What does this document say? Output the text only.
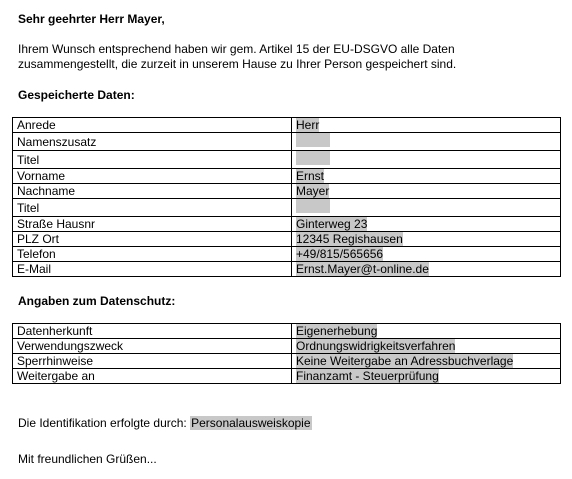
Sehr geehrter Herr Mayer,
Ihrem Wunsch entsprechend haben wir gem. Artikel 15 der EU-DSGVO alle Daten
zusammengestellt, die zurzeit in unserem Hause zu Ihrer Person gespeichert sind.
Gespeicherte Daten:
Anrede	Herr
Namenszusatz	
Titel	
Vorname	Ernst
Nachname	Mayer
Titel	
Straße Hausnr	Ginterweg 23
PLZ Ort	12345 Regishausen
Telefon	+49/815/565656
E-Mail	Ernst.Mayer@t-online.de
Angaben zum Datenschutz:
Datenherkunft	Eigenerhebung
Verwendungszweck	Ordnungswidrigkeitsverfahren
Sperrhinweise	Keine Weitergabe an Adressbuchverlage
Weitergabe an	Finanzamt - Steuerprüfung
Die Identifikation erfolgte durch: Personalausweiskopie
Mit freundlichen Grüßen...
